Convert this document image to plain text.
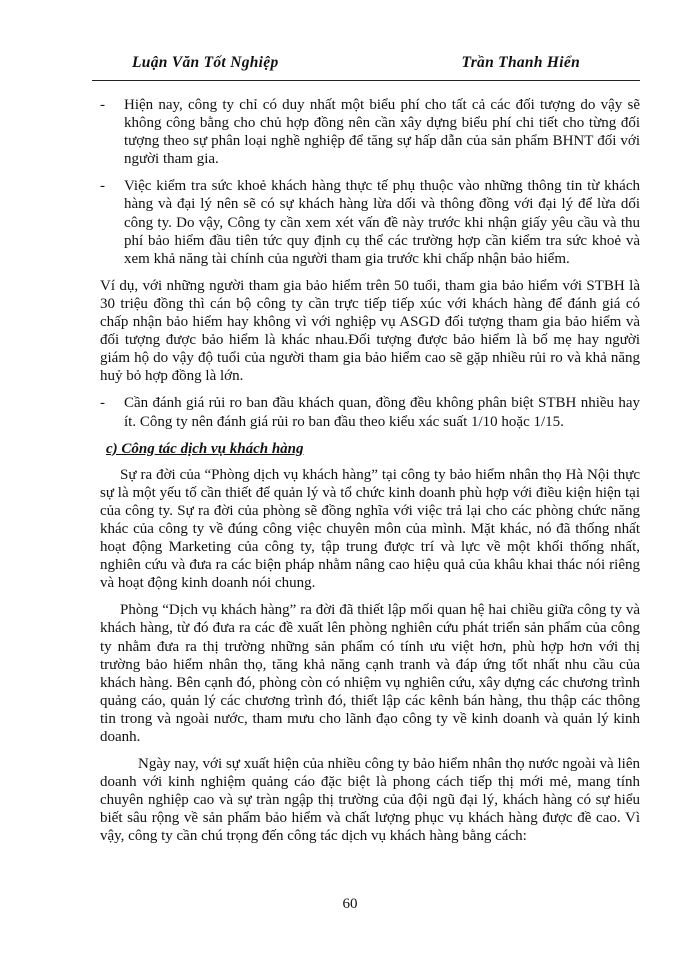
Luận Văn Tốt Nghiệp	Trần Thanh Hiển
- Hiện nay, công ty chỉ có duy nhất một biểu phí cho tất cả các đối tượng do vậy sẽ không công bằng cho chủ hợp đồng nên cần xây dựng biểu phí chi tiết cho từng đối tượng theo sự phân loại nghề nghiệp để tăng sự hấp dẫn của sản phẩm BHNT đối với người tham gia.
- Việc kiểm tra sức khoẻ khách hàng thực tế phụ thuộc vào những thông tin từ khách hàng và đại lý nên sẽ có sự khách hàng lừa dối và thông đồng với đại lý để lừa dối công ty. Do vậy, Công ty cần xem xét vấn đề này trước khi nhận giấy yêu cầu và thu phí bảo hiểm đầu tiên tức quy định cụ thể các trường hợp cần kiểm tra sức khoẻ và xem khả năng tài chính của người tham gia trước khi chấp nhận bảo hiểm.

Ví dụ, với những người tham gia bảo hiểm trên 50 tuổi, tham gia bảo hiểm với STBH là 30 triệu đồng thì cán bộ công ty cần trực tiếp tiếp xúc với khách hàng để đánh giá có chấp nhận bảo hiểm hay không vì với nghiệp vụ ASGD đối tượng tham gia bảo hiểm và đối tượng được bảo hiểm là khác nhau.Đối tượng được bảo hiểm là bố mẹ hay người giám hộ do vậy độ tuổi của người tham gia bảo hiểm cao sẽ gặp nhiều rủi ro và khả năng huỷ bỏ hợp đồng là lớn.

- Cần đánh giá rủi ro ban đầu khách quan, đồng đều không phân biệt STBH nhiều hay ít. Công ty nên đánh giá rủi ro ban đầu theo kiểu xác suất 1/10 hoặc 1/15.
c) Công tác dịch vụ khách hàng

Sự ra đời của “Phòng dịch vụ khách hàng” tại công ty bảo hiểm nhân thọ Hà Nội thực sự là một yếu tố cần thiết để quản lý và tổ chức kinh doanh phù hợp với điều kiện hiện tại của công ty. Sự ra đời của phòng sẽ đồng nghĩa với việc trả lại cho các phòng chức năng khác của công ty về đúng công việc chuyên môn của mình. Mặt khác, nó đã thống nhất hoạt động Marketing của công ty, tập trung được trí và lực về một khối thống nhất, nghiên cứu và đưa ra các biện pháp nhằm nâng cao hiệu quả của khâu khai thác nói riêng và hoạt động kinh doanh nói chung.

Phòng “Dịch vụ khách hàng” ra đời đã thiết lập mối quan hệ hai chiều giữa công ty và khách hàng, từ đó đưa ra các đề xuất lên phòng nghiên cứu phát triển sản phẩm của công ty nhằm đưa ra thị trường những sản phẩm có tính ưu việt hơn, phù hợp hơn với thị trường bảo hiểm nhân thọ, tăng khả năng cạnh tranh và đáp ứng tốt nhất nhu cầu của khách hàng. Bên cạnh đó, phòng còn có nhiệm vụ nghiên cứu, xây dựng các chương trình quảng cáo, quản lý các chương trình đó, thiết lập các kênh bán hàng, thu thập các thông tin trong và ngoài nước, tham mưu cho lãnh đạo công ty về kinh doanh và quản lý kinh doanh.

Ngày nay, với sự xuất hiện của nhiều công ty bảo hiểm nhân thọ nước ngoài và liên doanh với kinh nghiệm quảng cáo đặc biệt là phong cách tiếp thị mới mẻ, mang tính chuyên nghiệp cao và sự tràn ngập thị trường của đội ngũ đại lý, khách hàng có sự hiểu biết sâu rộng về sản phẩm bảo hiểm và chất lượng phục vụ khách hàng được đề cao. Vì vậy, công ty cần chú trọng đến công tác dịch vụ khách hàng bằng cách:

60
